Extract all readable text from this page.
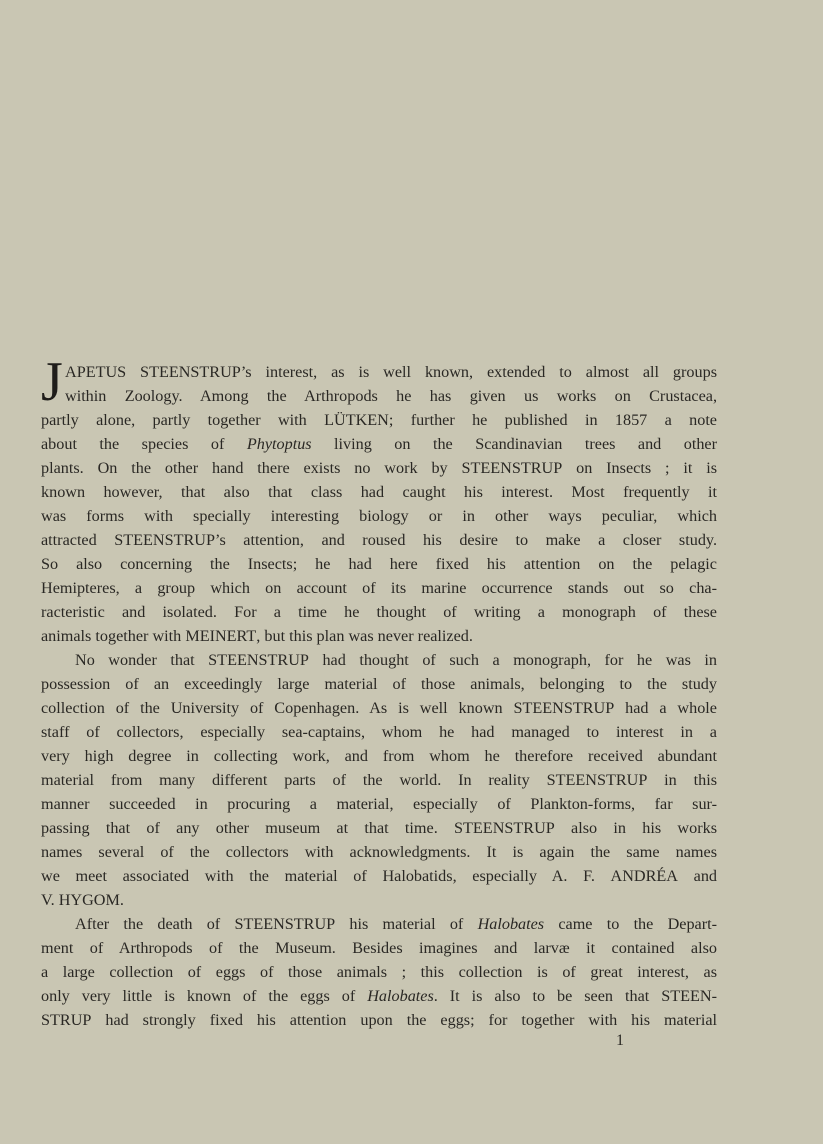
J APETUS STEENSTRUP’s interest, as is well known, extended to almost all groups
within Zoology. Among the Arthropods he has given us works on Crustacea,
partly alone, partly together with LÜTKEN; further he published in 1857 a note
about the species of Phytoptus living on the Scandinavian trees and other
plants. On the other hand there exists no work by STEENSTRUP on Insects ; it is
known however, that also that class had caught his interest. Most frequently it
was forms with specially interesting biology or in other ways peculiar, which
attracted STEENSTRUP’s attention, and roused his desire to make a closer study.
So also concerning the Insects; he had here fixed his attention on the pelagic
Hemipteres, a group which on account of its marine occurrence stands out so cha-
racteristic and isolated. For a time he thought of writing a monograph of these
animals together with MEINERT, but this plan was never realized.
No wonder that STEENSTRUP had thought of such a monograph, for he was in
possession of an exceedingly large material of those animals, belonging to the study
collection of the University of Copenhagen. As is well known STEENSTRUP had a whole
staff of collectors, especially sea-captains, whom he had managed to interest in a
very high degree in collecting work, and from whom he therefore received abundant
material from many different parts of the world. In reality STEENSTRUP in this
manner succeeded in procuring a material, especially of Plankton-forms, far sur-
passing that of any other museum at that time. STEENSTRUP also in his works
names several of the collectors with acknowledgments. It is again the same names
we meet associated with the material of Halobatids, especially A. F. ANDRÉA and
V. HYGOM.
After the death of STEENSTRUP his material of Halobates came to the Depart-
ment of Arthropods of the Museum. Besides imagines and larvæ it contained also
a large collection of eggs of those animals ; this collection is of great interest, as
only very little is known of the eggs of Halobates. It is also to be seen that STEEN-
STRUP had strongly fixed his attention upon the eggs; for together with his material
1
